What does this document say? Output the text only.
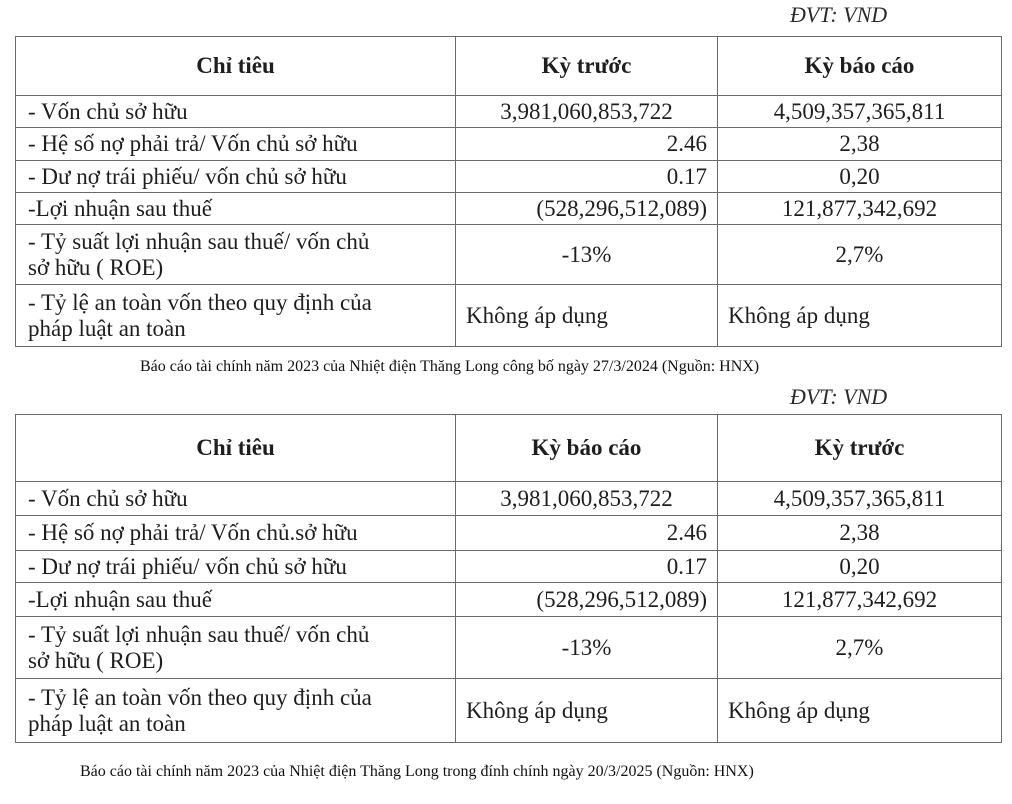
ĐVT: VND
Chỉ tiêu	Kỳ trước	Kỳ báo cáo
- Vốn chủ sở hữu	3,981,060,853,722	4,509,357,365,811
- Hệ số nợ phải trả/ Vốn chủ sở hữu	2.46	2,38
- Dư nợ trái phiếu/ vốn chủ sở hữu	0.17	0,20
-Lợi nhuận sau thuế	(528,296,512,089)	121,877,342,692

- Tỷ suất lợi nhuận sau thuế/ vốn chủ
sở hữu ( ROE)	-13%	2,7%

- Tỷ lệ an toàn vốn theo quy định của
pháp luật an toàn	Không áp dụng	Không áp dụng
Báo cáo tài chính năm 2023 của Nhiệt điện Thăng Long công bố ngày 27/3/2024 (Nguồn: HNX)
ĐVT: VND
Chỉ tiêu	Kỳ báo cáo	Kỳ trước
- Vốn chủ sở hữu	3,981,060,853,722	4,509,357,365,811
- Hệ số nợ phải trả/ Vốn chủ.sở hữu	2.46	2,38
- Dư nợ trái phiếu/ vốn chủ sở hữu	0.17	0,20
-Lợi nhuận sau thuế	(528,296,512,089)	121,877,342,692

- Tỷ suất lợi nhuận sau thuế/ vốn chủ
sở hữu ( ROE)	-13%	2,7%

- Tỷ lệ an toàn vốn theo quy định của
pháp luật an toàn	Không áp dụng	Không áp dụng
Báo cáo tài chính năm 2023 của Nhiệt điện Thăng Long trong đính chính ngày 20/3/2025 (Nguồn: HNX)
